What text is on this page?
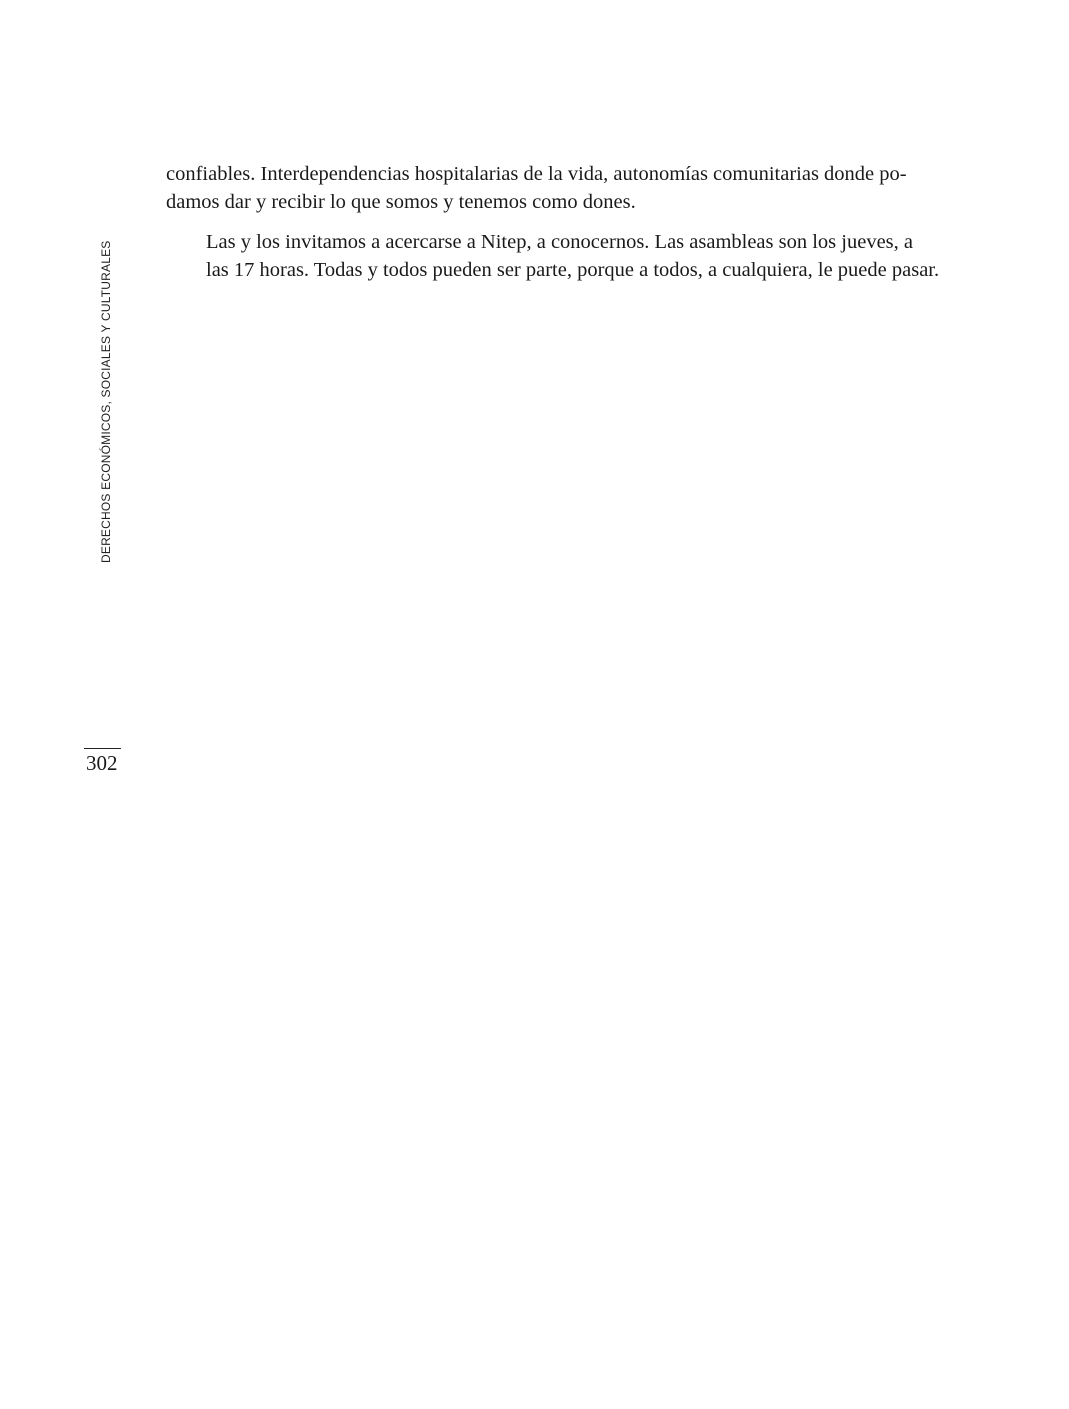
DERECHOS ECONÓMICOS, SOCIALES Y CULTURALES

confiables. Interdependencias hospitalarias de la vida, autonomías comunitarias donde po-
damos dar y recibir lo que somos y tenemos como dones.

Las y los invitamos a acercarse a Nitep, a conocernos. Las asambleas son los jueves, a
las 17 horas. Todas y todos pueden ser parte, porque a todos, a cualquiera, le puede pasar.

302
